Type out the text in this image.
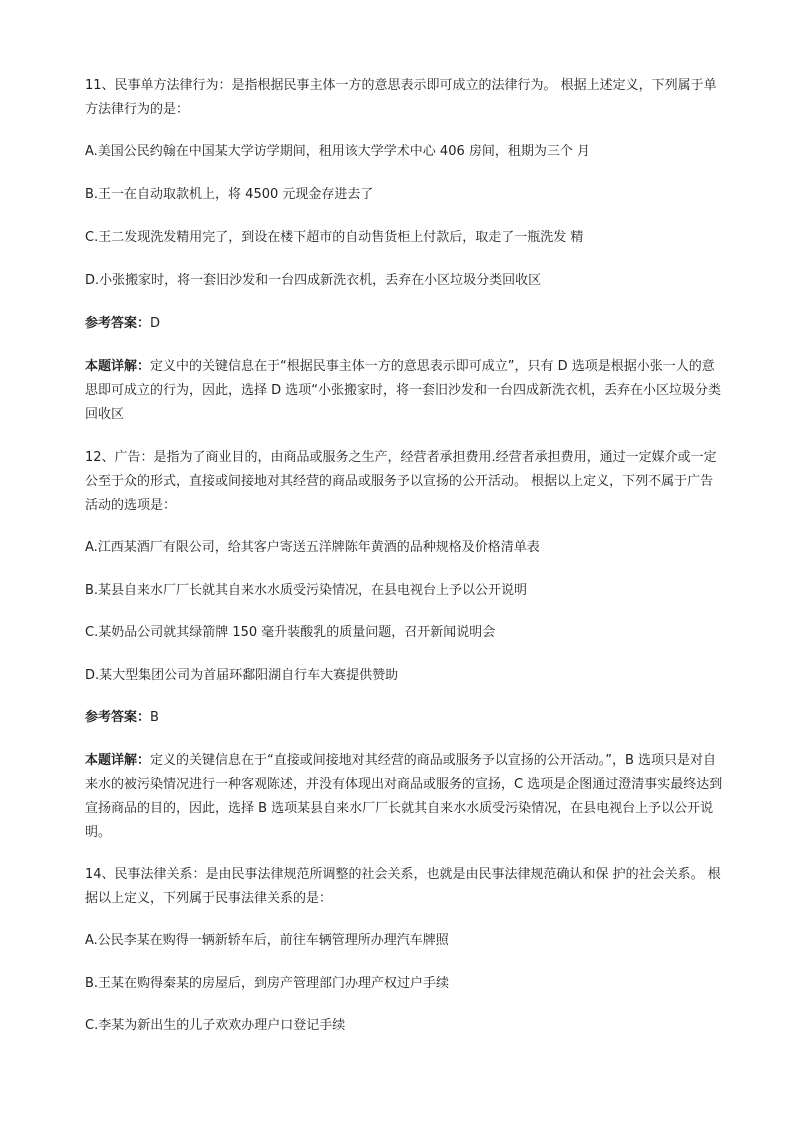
11、民事单方法律行为：是指根据民事主体一方的意思表示即可成立的法律行为。 根据上述定义，下列属于单方法律行为的是：

A.美国公民约翰在中国某大学访学期间，租用该大学学术中心 406 房间，租期为三个 月

B.王一在自动取款机上，将 4500 元现金存进去了

C.王二发现洗发精用完了，到设在楼下超市的自动售货柜上付款后，取走了一瓶洗发 精

D.小张搬家时，将一套旧沙发和一台四成新洗衣机，丢弃在小区垃圾分类回收区

参考答案：D

本题详解：定义中的关键信息在于“根据民事主体一方的意思表示即可成立”，只有 D 选项是根据小张一人的意思即可成立的行为，因此，选择 D 选项“小张搬家时，将一套旧沙发和一台四成新洗衣机，丢弃在小区垃圾分类回收区

12、广告：是指为了商业目的，由商品或服务之生产，经营者承担费用.经营者承担费用，通过一定媒介或一定公至于众的形式，直接或间接地对其经营的商品或服务予以宣扬的公开活动。 根据以上定义，下列不属于广告活动的选项是：

A.江西某酒厂有限公司，给其客户寄送五洋牌陈年黄酒的品种规格及价格清单表

B.某县自来水厂厂长就其自来水水质受污染情况，在县电视台上予以公开说明

C.某奶品公司就其绿箭牌 150 毫升装酸乳的质量问题，召开新闻说明会

D.某大型集团公司为首届环鄱阳湖自行车大赛提供赞助

参考答案：B

本题详解：定义的关键信息在于“直接或间接地对其经营的商品或服务予以宣扬的公开活动。”，B 选项只是对自来水的被污染情况进行一种客观陈述，并没有体现出对商品或服务的宣扬，C 选项是企图通过澄清事实最终达到宣扬商品的目的，因此，选择 B 选项某县自来水厂厂长就其自来水水质受污染情况，在县电视台上予以公开说明。

14、民事法律关系：是由民事法律规范所调整的社会关系，也就是由民事法律规范确认和保 护的社会关系。 根据以上定义，下列属于民事法律关系的是：

A.公民李某在购得一辆新轿车后，前往车辆管理所办理汽车牌照

B.王某在购得秦某的房屋后，到房产管理部门办理产权过户手续

C.李某为新出生的儿子欢欢办理户口登记手续
